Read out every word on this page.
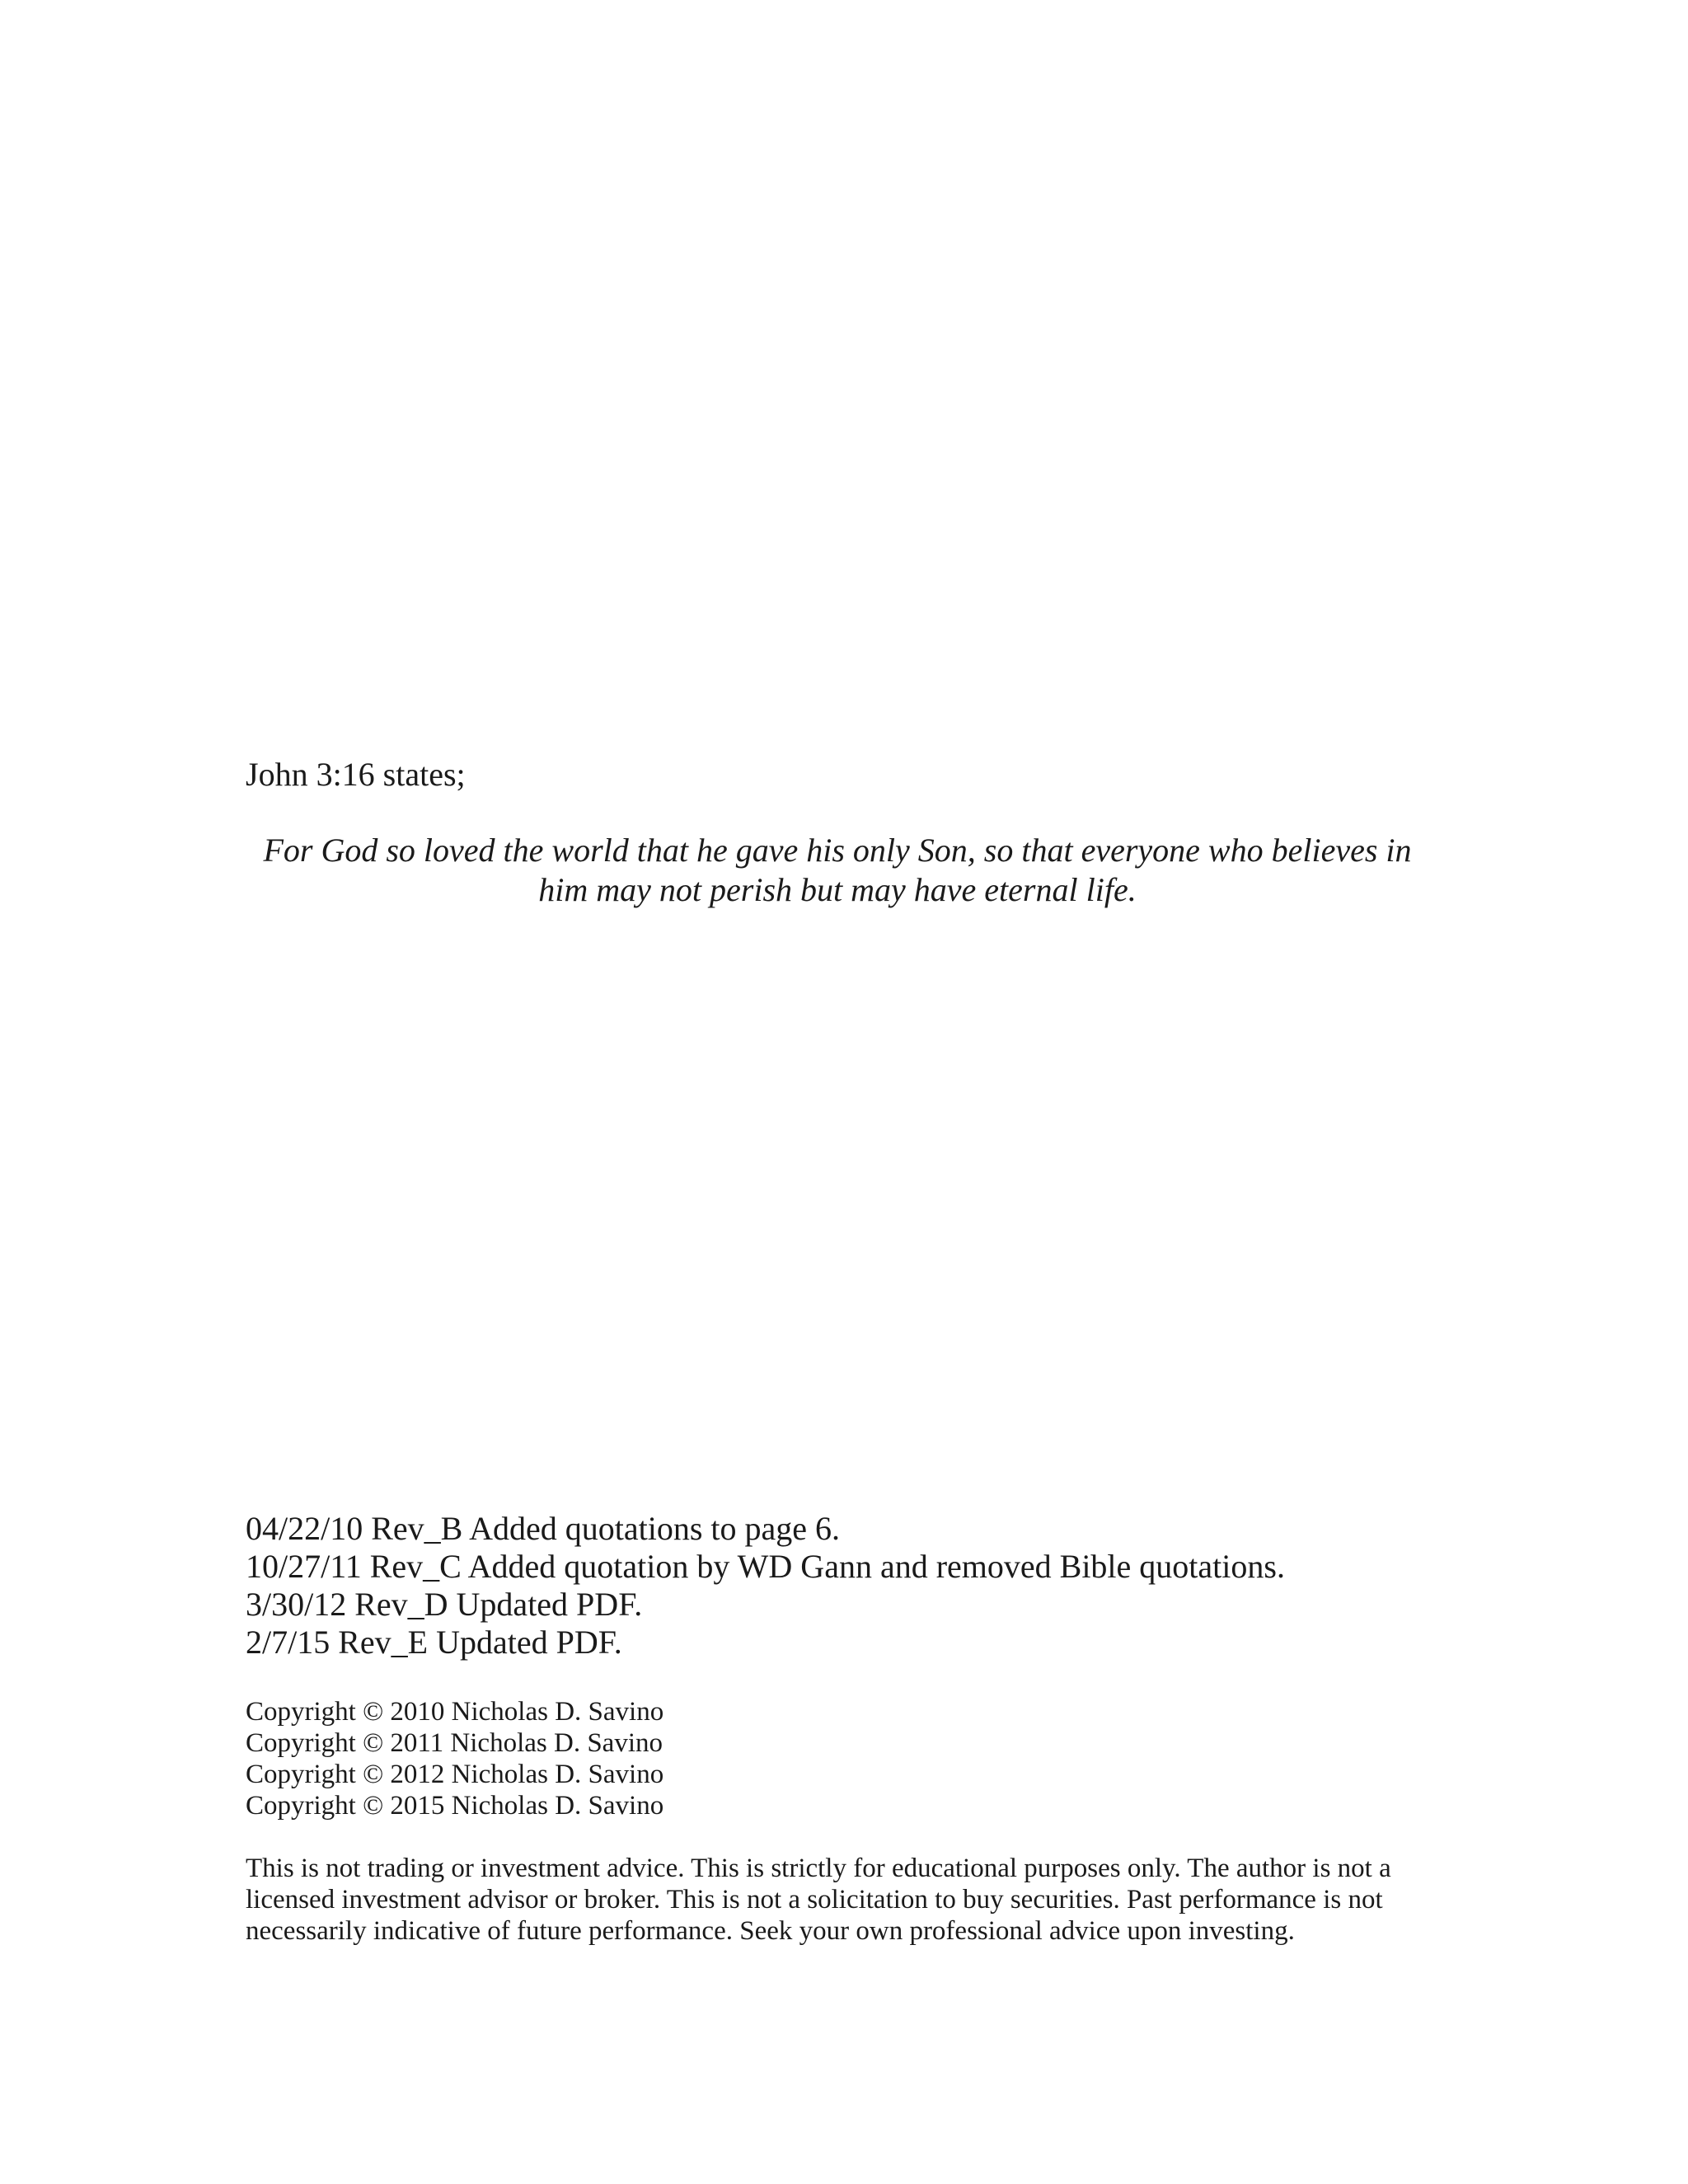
John 3:16 states;

For God so loved the world that he gave his only Son, so that everyone who believes in him may not perish but may have eternal life.

04/22/10 Rev_B Added quotations to page 6.
10/27/11 Rev_C Added quotation by WD Gann and removed Bible quotations.
3/30/12 Rev_D Updated PDF.
2/7/15 Rev_E Updated PDF.
Copyright © 2010 Nicholas D. Savino
Copyright © 2011 Nicholas D. Savino
Copyright © 2012 Nicholas D. Savino
Copyright © 2015 Nicholas D. Savino

This is not trading or investment advice. This is strictly for educational purposes only. The author is not a licensed investment advisor or broker. This is not a solicitation to buy securities. Past performance is not necessarily indicative of future performance. Seek your own professional advice upon investing.
